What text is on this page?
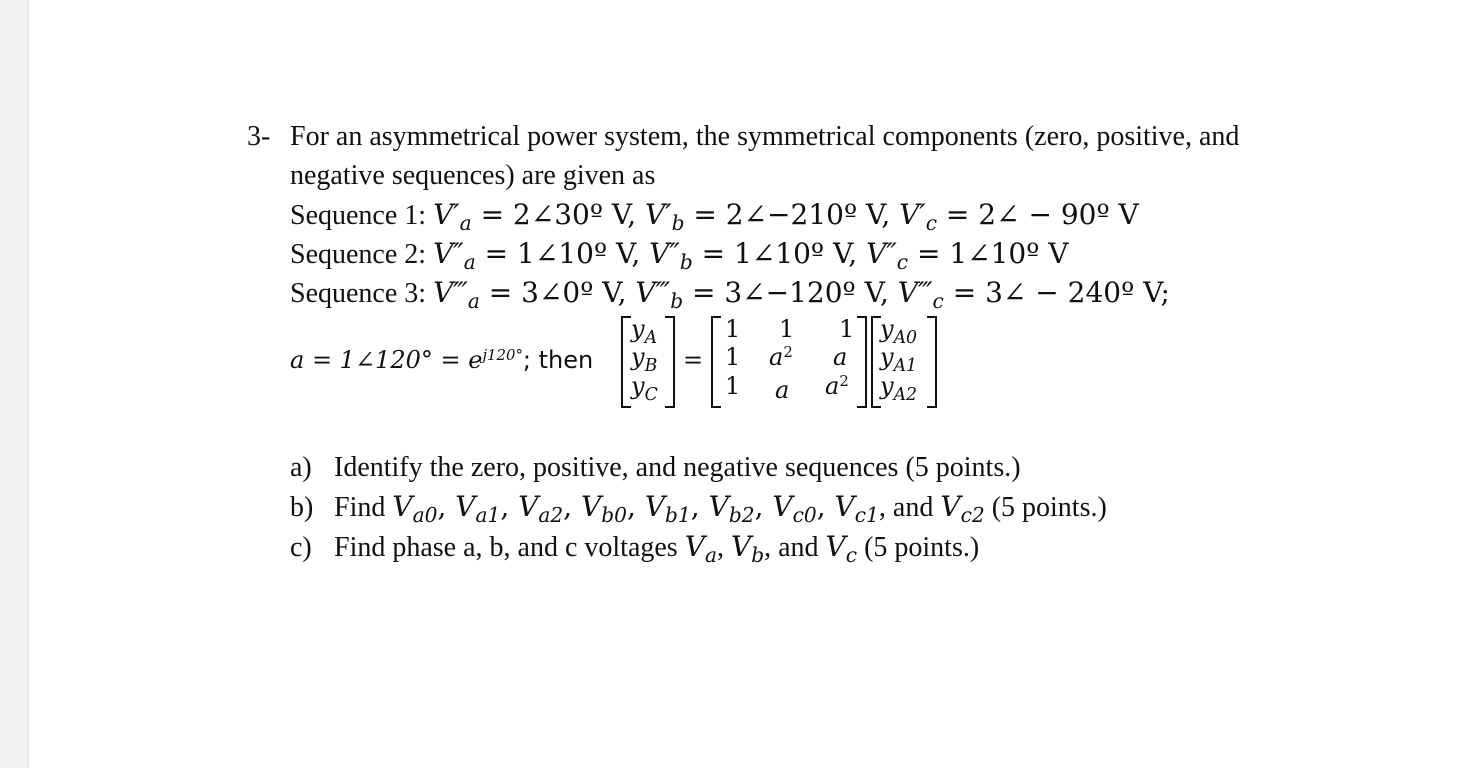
3- For an asymmetrical power system, the symmetrical components (zero, positive, and
negative sequences) are given as
Sequence 1: $V'_a$ = 2∠30º V, $V'_b$ = 2∠−210º V, $V'_c$ = 2∠ − 90º V
Sequence 2: $V''_a$ = 1∠10º V, $V''_b$ = 1∠10º V, $V''_c$ = 1∠10º V
Sequence 3: $V‴_a$ = 3∠0º V, $V‴_b$ = 3∠−120º V, $V‴_c$ = 3∠ − 240º V;
a = 1∠120° = $e^{j120^\circ}$; then
$y_A$
$y_B$
$y_C$
=
1 1 1
1 $a^2$ a
1 a $a^2$
$y_{A0}$
$y_{A1}$
$y_{A2}$
a) Identify the zero, positive, and negative sequences (5 points.)
b) Find $V_{a0}$, $V_{a1}$, $V_{a2}$, $V_{b0}$, $V_{b1}$, $V_{b2}$, $V_{c0}$, $V_{c1}$, and $V_{c2}$ (5 points.)
c) Find phase a, b, and c voltages $V_a$, $V_b$, and $V_c$ (5 points.)
